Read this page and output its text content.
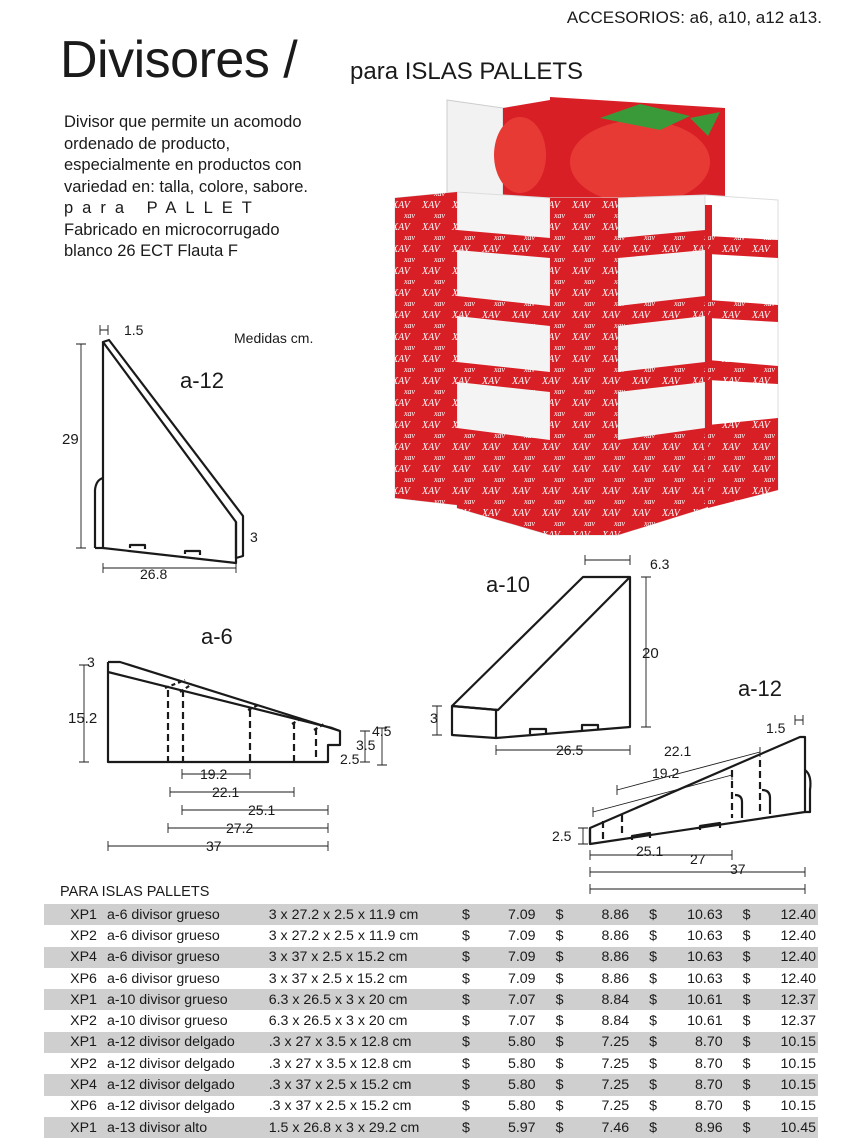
ACCESORIOS: a6, a10, a12 a13.
Divisores / para ISLAS PALLETS
Divisor que permite un acomodo
ordenado de producto,
especialmente en productos con
variedad en: talla, colore, sabore.
para PALLET
Fabricado en microcorrugado
blanco 26 ECT Flauta F
Medidas cm.
1.5
a-12
29
3
26.8
a-6
3
15.2
4.5
3.5
2.5
19.2
22.1
25.1
27.2
37
a-10
6.3
20
3
26.5
a-12
1.5
22.1
19.2
2.5
25.1 27
37
PARA ISLAS PALLETS
XP1	a-6 divisor grueso	3 x 27.2 x 2.5 x 11.9 cm	$	7.09	$	8.86	$	10.63	$	12.40
XP2	a-6 divisor grueso	3 x 27.2 x 2.5 x 11.9 cm	$	7.09	$	8.86	$	10.63	$	12.40
XP4	a-6 divisor grueso	3 x 37 x 2.5 x 15.2 cm	$	7.09	$	8.86	$	10.63	$	12.40
XP6	a-6 divisor grueso	3 x 37 x 2.5 x 15.2 cm	$	7.09	$	8.86	$	10.63	$	12.40
XP1	a-10 divisor grueso	6.3 x 26.5 x 3 x 20 cm	$	7.07	$	8.84	$	10.61	$	12.37
XP2	a-10 divisor grueso	6.3 x 26.5 x 3 x 20 cm	$	7.07	$	8.84	$	10.61	$	12.37
XP1	a-12 divisor delgado	.3 x 27 x 3.5 x 12.8 cm	$	5.80	$	7.25	$	8.70	$	10.15
XP2	a-12 divisor delgado	.3 x 27 x 3.5 x 12.8 cm	$	5.80	$	7.25	$	8.70	$	10.15
XP4	a-12 divisor delgado	.3 x 37 x 2.5 x 15.2 cm	$	5.80	$	7.25	$	8.70	$	10.15
XP6	a-12 divisor delgado	.3 x 37 x 2.5 x 15.2 cm	$	5.80	$	7.25	$	8.70	$	10.15
XP1	a-13 divisor alto	1.5 x 26.8 x 3 x 29.2 cm	$	5.97	$	7.46	$	8.96	$	10.45
